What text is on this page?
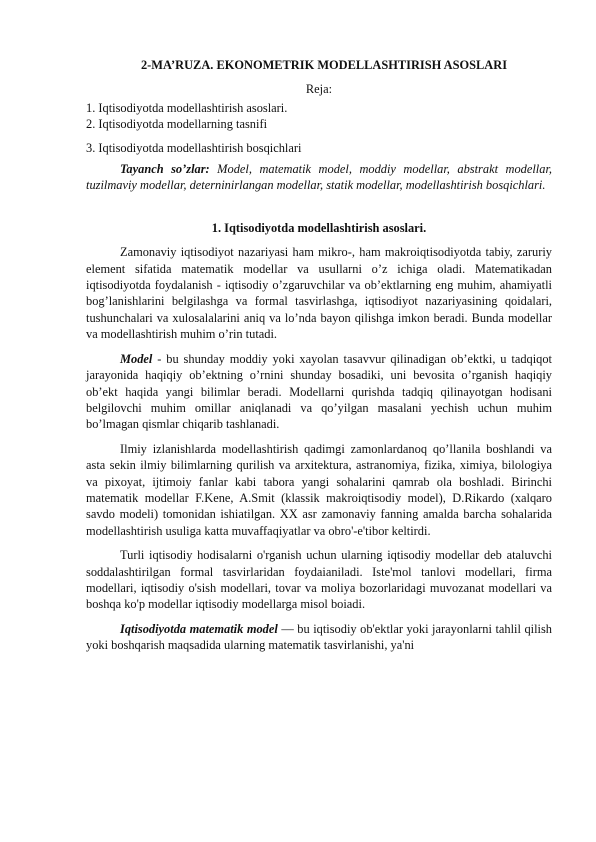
2-MA’RUZA. EKONOMETRIK MODELLASHTIRISH ASOSLARI
Reja:
1. Iqtisodiyotda modellashtirish asoslari.
2. Iqtisodiyotda modellarning tasnifi
3. Iqtisodiyotda modellashtirish bosqichlari

Tayanch so’zlar: Model, matematik model, moddiy modellar, abstrakt modellar, tuzilmaviy modellar, deterninirlangan modellar, statik modellar, modellashtirish bosqichlari.

1. Iqtisodiyotda modellashtirish asoslari.

Zamonaviy iqtisodiyot nazariyasi ham mikro-, ham makroiqtisodiyotda tabiy, zaruriy element sifatida matematik modellar va usullarni o’z ichiga oladi. Matematikadan iqtisodiyotda foydalanish - iqtisodiy o’zgaruvchilar va ob’ektlarning eng muhim, ahamiyatli bog’lanishlarini belgilashga va formal tasvirlashga, iqtisodiyot nazariyasining qoidalari, tushunchalari va xulosalalarini aniq va lo’nda bayon qilishga imkon beradi. Bunda modellar va modellashtirish muhim o’rin tutadi.

Model - bu shunday moddiy yoki xayolan tasavvur qilinadigan ob’ektki, u tadqiqot jarayonida haqiqiy ob’ektning o’rnini shunday bosadiki, uni bevosita o’rganish haqiqiy ob’ekt haqida yangi bilimlar beradi. Modellarni qurishda tadqiq qilinayotgan hodisani belgilovchi muhim omillar aniqlanadi va qo’yilgan masalani yechish uchun muhim bo’lmagan qismlar chiqarib tashlanadi.

Ilmiy izlanishlarda modellashtirish qadimgi zamonlardanoq qo’llanila boshlandi va asta sekin ilmiy bilimlarning qurilish va arxitektura, astranomiya, fizika, ximiya, bilologiya va pixoyat, ijtimoiy fanlar kabi tabora yangi sohalarini qamrab ola boshladi. Birinchi matematik modellar F.Kene, A.Smit (klassik makroiqtisodiy model), D.Rikardo (xalqaro savdo modeli) tomonidan ishiatilgan. XX asr zamonaviy fanning amalda barcha sohalarida modellashtirish usuliga katta muvaffaqiyatlar va obro'-e'tibor keltirdi.

Turli iqtisodiy hodisalarni o'rganish uchun ularning iqtisodiy modellar deb ataluvchi soddalashtirilgan formal tasvirlaridan foydaianiladi. Iste'mol tanlovi modellari, firma modellari, iqtisodiy o'sish modellari, tovar va moliya bozorlaridagi muvozanat modellari va boshqa ko'p modellar iqtisodiy modellarga misol boiadi.

Iqtisodiyotda matematik model — bu iqtisodiy ob'ektlar yoki jarayonlarni tahlil qilish yoki boshqarish maqsadida ularning matematik tasvirlanishi, ya'ni
